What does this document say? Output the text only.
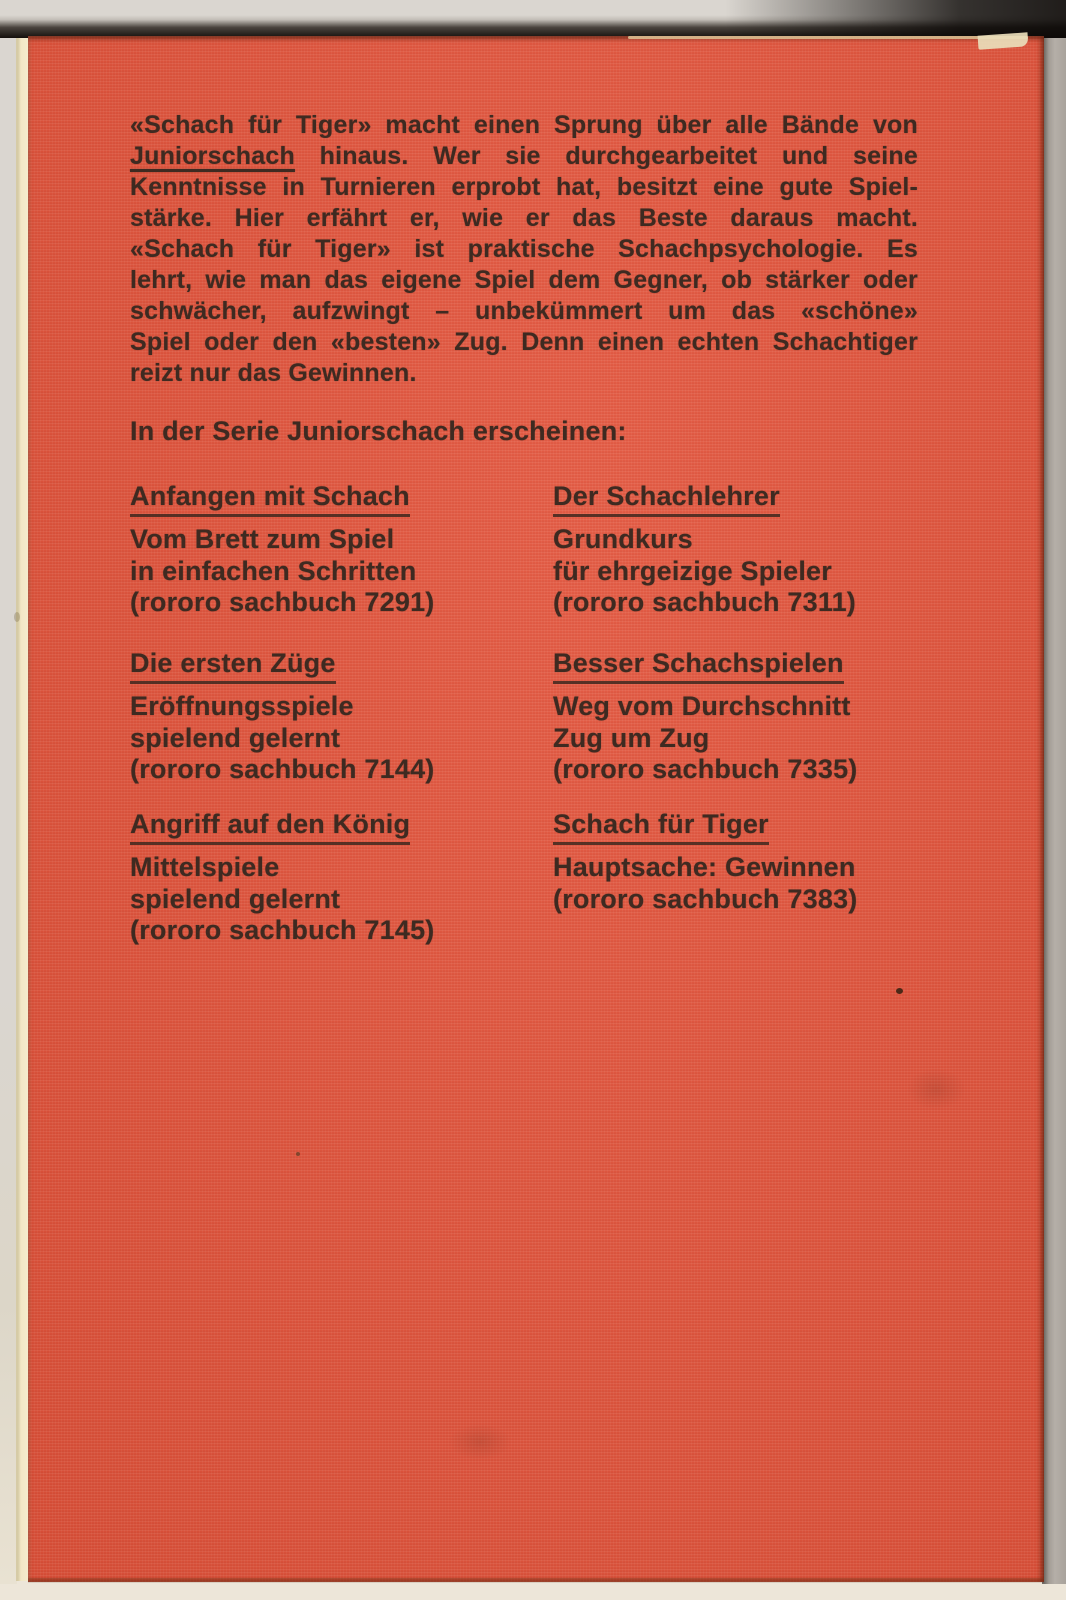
«Schach für Tiger» macht einen Sprung über alle Bände von
Juniorschach hinaus. Wer sie durchgearbeitet und seine
Kenntnisse in Turnieren erprobt hat, besitzt eine gute Spiel-
stärke. Hier erfährt er, wie er das Beste daraus macht.
«Schach für Tiger» ist praktische Schachpsychologie. Es
lehrt, wie man das eigene Spiel dem Gegner, ob stärker oder
schwächer, aufzwingt – unbekümmert um das «schöne»
Spiel oder den «besten» Zug. Denn einen echten Schachtiger
reizt nur das Gewinnen.
In der Serie Juniorschach erscheinen:
Anfangen mit Schach
Vom Brett zum Spiel
in einfachen Schritten
(rororo sachbuch 7291)
Der Schachlehrer
Grundkurs
für ehrgeizige Spieler
(rororo sachbuch 7311)
Die ersten Züge
Eröffnungsspiele
spielend gelernt
(rororo sachbuch 7144)
Besser Schachspielen
Weg vom Durchschnitt
Zug um Zug
(rororo sachbuch 7335)
Angriff auf den König
Mittelspiele
spielend gelernt
(rororo sachbuch 7145)
Schach für Tiger
Hauptsache: Gewinnen
(rororo sachbuch 7383)
